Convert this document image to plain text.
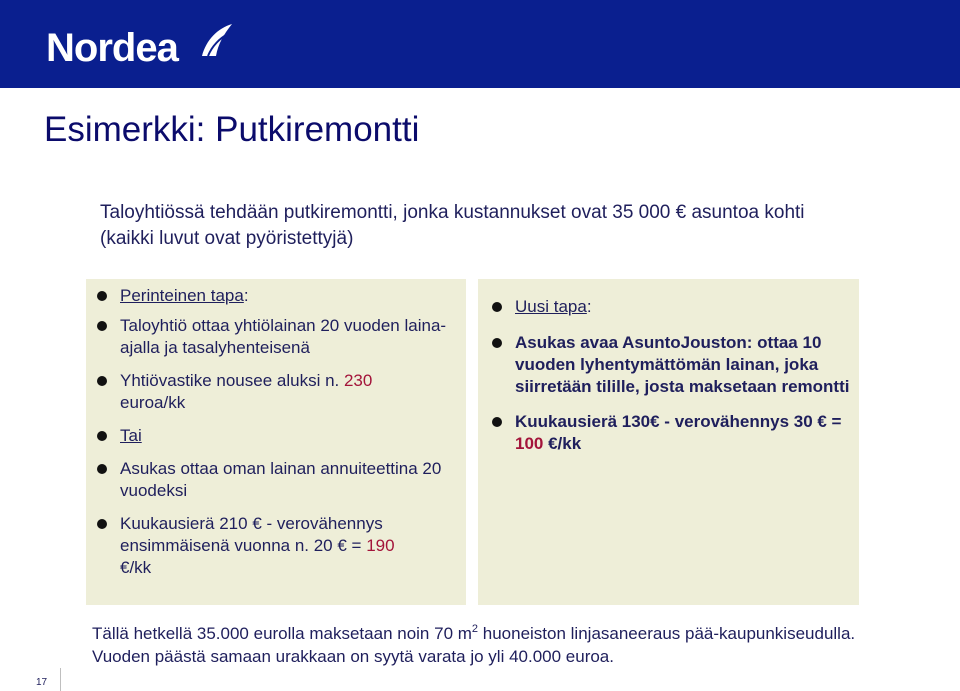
Nordea
Esimerkki: Putkiremontti
Taloyhtiössä tehdään putkiremontti, jonka kustannukset ovat 35 000 € asuntoa kohti (kaikki luvut ovat pyöristettyjä)
Perinteinen tapa:
Taloyhtiö ottaa yhtiölainan 20 vuoden laina-ajalla ja tasalyhenteisenä
Yhtiövastike nousee aluksi n. 230
euroa/kk
Tai
Asukas ottaa oman lainan annuiteettina 20 vuodeksi
Kuukausierä 210 € - verovähennys ensimmäisenä vuonna n. 20 € = 190
€/kk
Uusi tapa:
Asukas avaa AsuntoJouston: ottaa 10 vuoden lyhentymättömän lainan, joka siirretään tilille, josta maksetaan remontti
Kuukausierä 130€ - verovähennys 30 € = 100 €/kk
Tällä hetkellä 35.000 eurolla maksetaan noin 70 $m^2$ huoneiston linjasaneeraus pää-kaupunkiseudulla. Vuoden päästä samaan urakkaan on syytä varata jo yli 40.000 euroa.
17
